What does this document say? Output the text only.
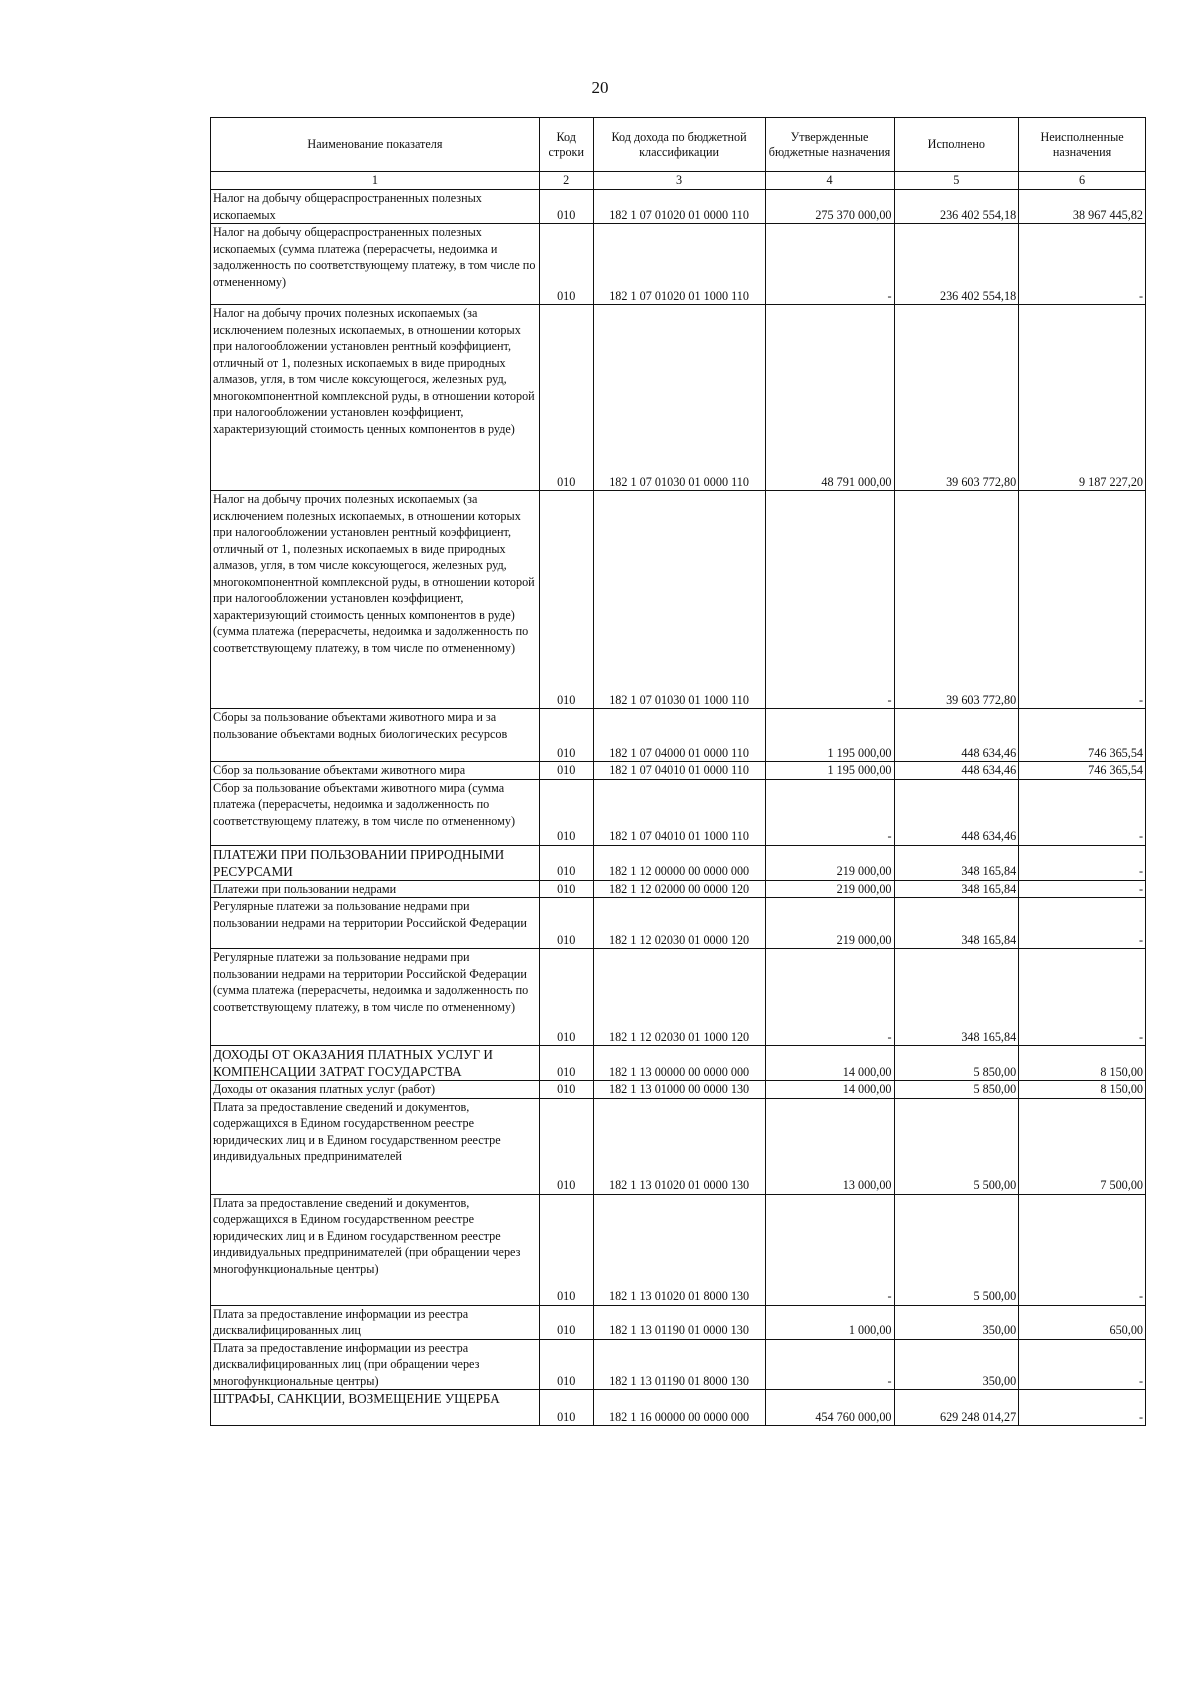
20
Наименование показателя	Код строки	Код дохода по бюджетной классификации	Утвержденные бюджетные назначения	Исполнено	Неисполненные назначения
1	2	3	4	5	6
Налог на добычу общераспространенных полезных ископаемых	010	182 1 07 01020 01 0000 110	275 370 000,00	236 402 554,18	38 967 445,82
Налог на добычу общераспространенных полезных ископаемых (сумма платежа (перерасчеты, недоимка и задолженность по соответствующему платежу, в том числе по отмененному)	010	182 1 07 01020 01 1000 110	-	236 402 554,18	-
Налог на добычу прочих полезных ископаемых (за исключением полезных ископаемых, в отношении которых при налогообложении установлен рентный коэффициент, отличный от 1, полезных ископаемых в виде природных алмазов, угля, в том числе коксующегося, железных руд, многокомпонентной комплексной руды, в отношении которой при налогообложении установлен коэффициент, характеризующий стоимость ценных компонентов в руде)	010	182 1 07 01030 01 0000 110	48 791 000,00	39 603 772,80	9 187 227,20
Налог на добычу прочих полезных ископаемых (за исключением полезных ископаемых, в отношении которых при налогообложении установлен рентный коэффициент, отличный от 1, полезных ископаемых в виде природных алмазов, угля, в том числе коксующегося, железных руд, многокомпонентной комплексной руды, в отношении которой при налогообложении установлен коэффициент, характеризующий стоимость ценных компонентов в руде) (сумма платежа (перерасчеты, недоимка и задолженность по соответствующему платежу, в том числе по отмененному)	010	182 1 07 01030 01 1000 110	-	39 603 772,80	-
Сборы за пользование объектами животного мира и за пользование объектами водных биологических ресурсов	010	182 1 07 04000 01 0000 110	1 195 000,00	448 634,46	746 365,54
Сбор за пользование объектами животного мира	010	182 1 07 04010 01 0000 110	1 195 000,00	448 634,46	746 365,54
Сбор за пользование объектами животного мира (сумма платежа (перерасчеты, недоимка и задолженность по соответствующему платежу, в том числе по отмененному)	010	182 1 07 04010 01 1000 110	-	448 634,46	-
ПЛАТЕЖИ ПРИ ПОЛЬЗОВАНИИ ПРИРОДНЫМИ РЕСУРСАМИ	010	182 1 12 00000 00 0000 000	219 000,00	348 165,84	-
Платежи при пользовании недрами	010	182 1 12 02000 00 0000 120	219 000,00	348 165,84	-
Регулярные платежи за пользование недрами при пользовании недрами на территории Российской Федерации	010	182 1 12 02030 01 0000 120	219 000,00	348 165,84	-
Регулярные платежи за пользование недрами при пользовании недрами на территории Российской Федерации (сумма платежа (перерасчеты, недоимка и задолженность по соответствующему платежу, в том числе по отмененному)	010	182 1 12 02030 01 1000 120	-	348 165,84	-
ДОХОДЫ ОТ ОКАЗАНИЯ ПЛАТНЫХ УСЛУГ И КОМПЕНСАЦИИ ЗАТРАТ ГОСУДАРСТВА	010	182 1 13 00000 00 0000 000	14 000,00	5 850,00	8 150,00
Доходы от оказания платных услуг (работ)	010	182 1 13 01000 00 0000 130	14 000,00	5 850,00	8 150,00
Плата за предоставление сведений и документов, содержащихся в Едином государственном реестре юридических лиц и в Едином государственном реестре индивидуальных предпринимателей	010	182 1 13 01020 01 0000 130	13 000,00	5 500,00	7 500,00
Плата за предоставление сведений и документов, содержащихся в Едином государственном реестре юридических лиц и в Едином государственном реестре индивидуальных предпринимателей (при обращении через многофункциональные центры)	010	182 1 13 01020 01 8000 130	-	5 500,00	-
Плата за предоставление информации из реестра дисквалифицированных лиц	010	182 1 13 01190 01 0000 130	1 000,00	350,00	650,00
Плата за предоставление информации из реестра дисквалифицированных лиц (при обращении через многофункциональные центры)	010	182 1 13 01190 01 8000 130	-	350,00	-
ШТРАФЫ, САНКЦИИ, ВОЗМЕЩЕНИЕ УЩЕРБА	010	182 1 16 00000 00 0000 000	454 760 000,00	629 248 014,27	-
